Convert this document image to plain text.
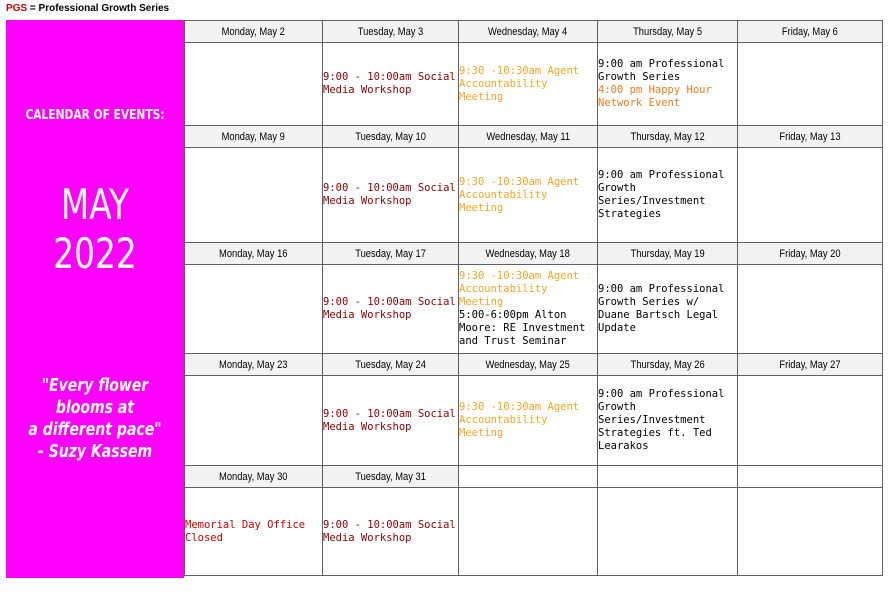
PGS = Professional Growth Series
CALENDAR OF EVENTS:
MAY 2022
"Every flower blooms at
a different pace"
- Suzy Kassem
Monday, May 2	Tuesday, May 3	Wednesday, May 4	Thursday, May 5	Friday, May 6

	9:00 - 10:00am Social Media Workshop	9:30 -10:30am Agent Accountability Meeting	9:00 am Professional Growth Series
4:00 pm Happy Hour Network Event	

Monday, May 9	Tuesday, May 10	Wednesday, May 11	Thursday, May 12	Friday, May 13

	9:00 - 10:00am Social Media Workshop	9:30 -10:30am Agent Accountability Meeting	9:00 am Professional Growth Series/Investment Strategies	

Monday, May 16	Tuesday, May 17	Wednesday, May 18	Thursday, May 19	Friday, May 20

	9:00 - 10:00am Social Media Workshop	9:30 -10:30am Agent Accountability Meeting
5:00-6:00pm Alton Moore: RE Investment and Trust Seminar	9:00 am Professional Growth Series w/ Duane Bartsch Legal Update	

Monday, May 23	Tuesday, May 24	Wednesday, May 25	Thursday, May 26	Friday, May 27

	9:00 - 10:00am Social Media Workshop	9:30 -10:30am Agent Accountability Meeting	9:00 am Professional Growth Series/Investment Strategies ft. Ted Learakos	

Monday, May 30	Tuesday, May 31			

Memorial Day Office Closed	9:00 - 10:00am Social Media Workshop			
